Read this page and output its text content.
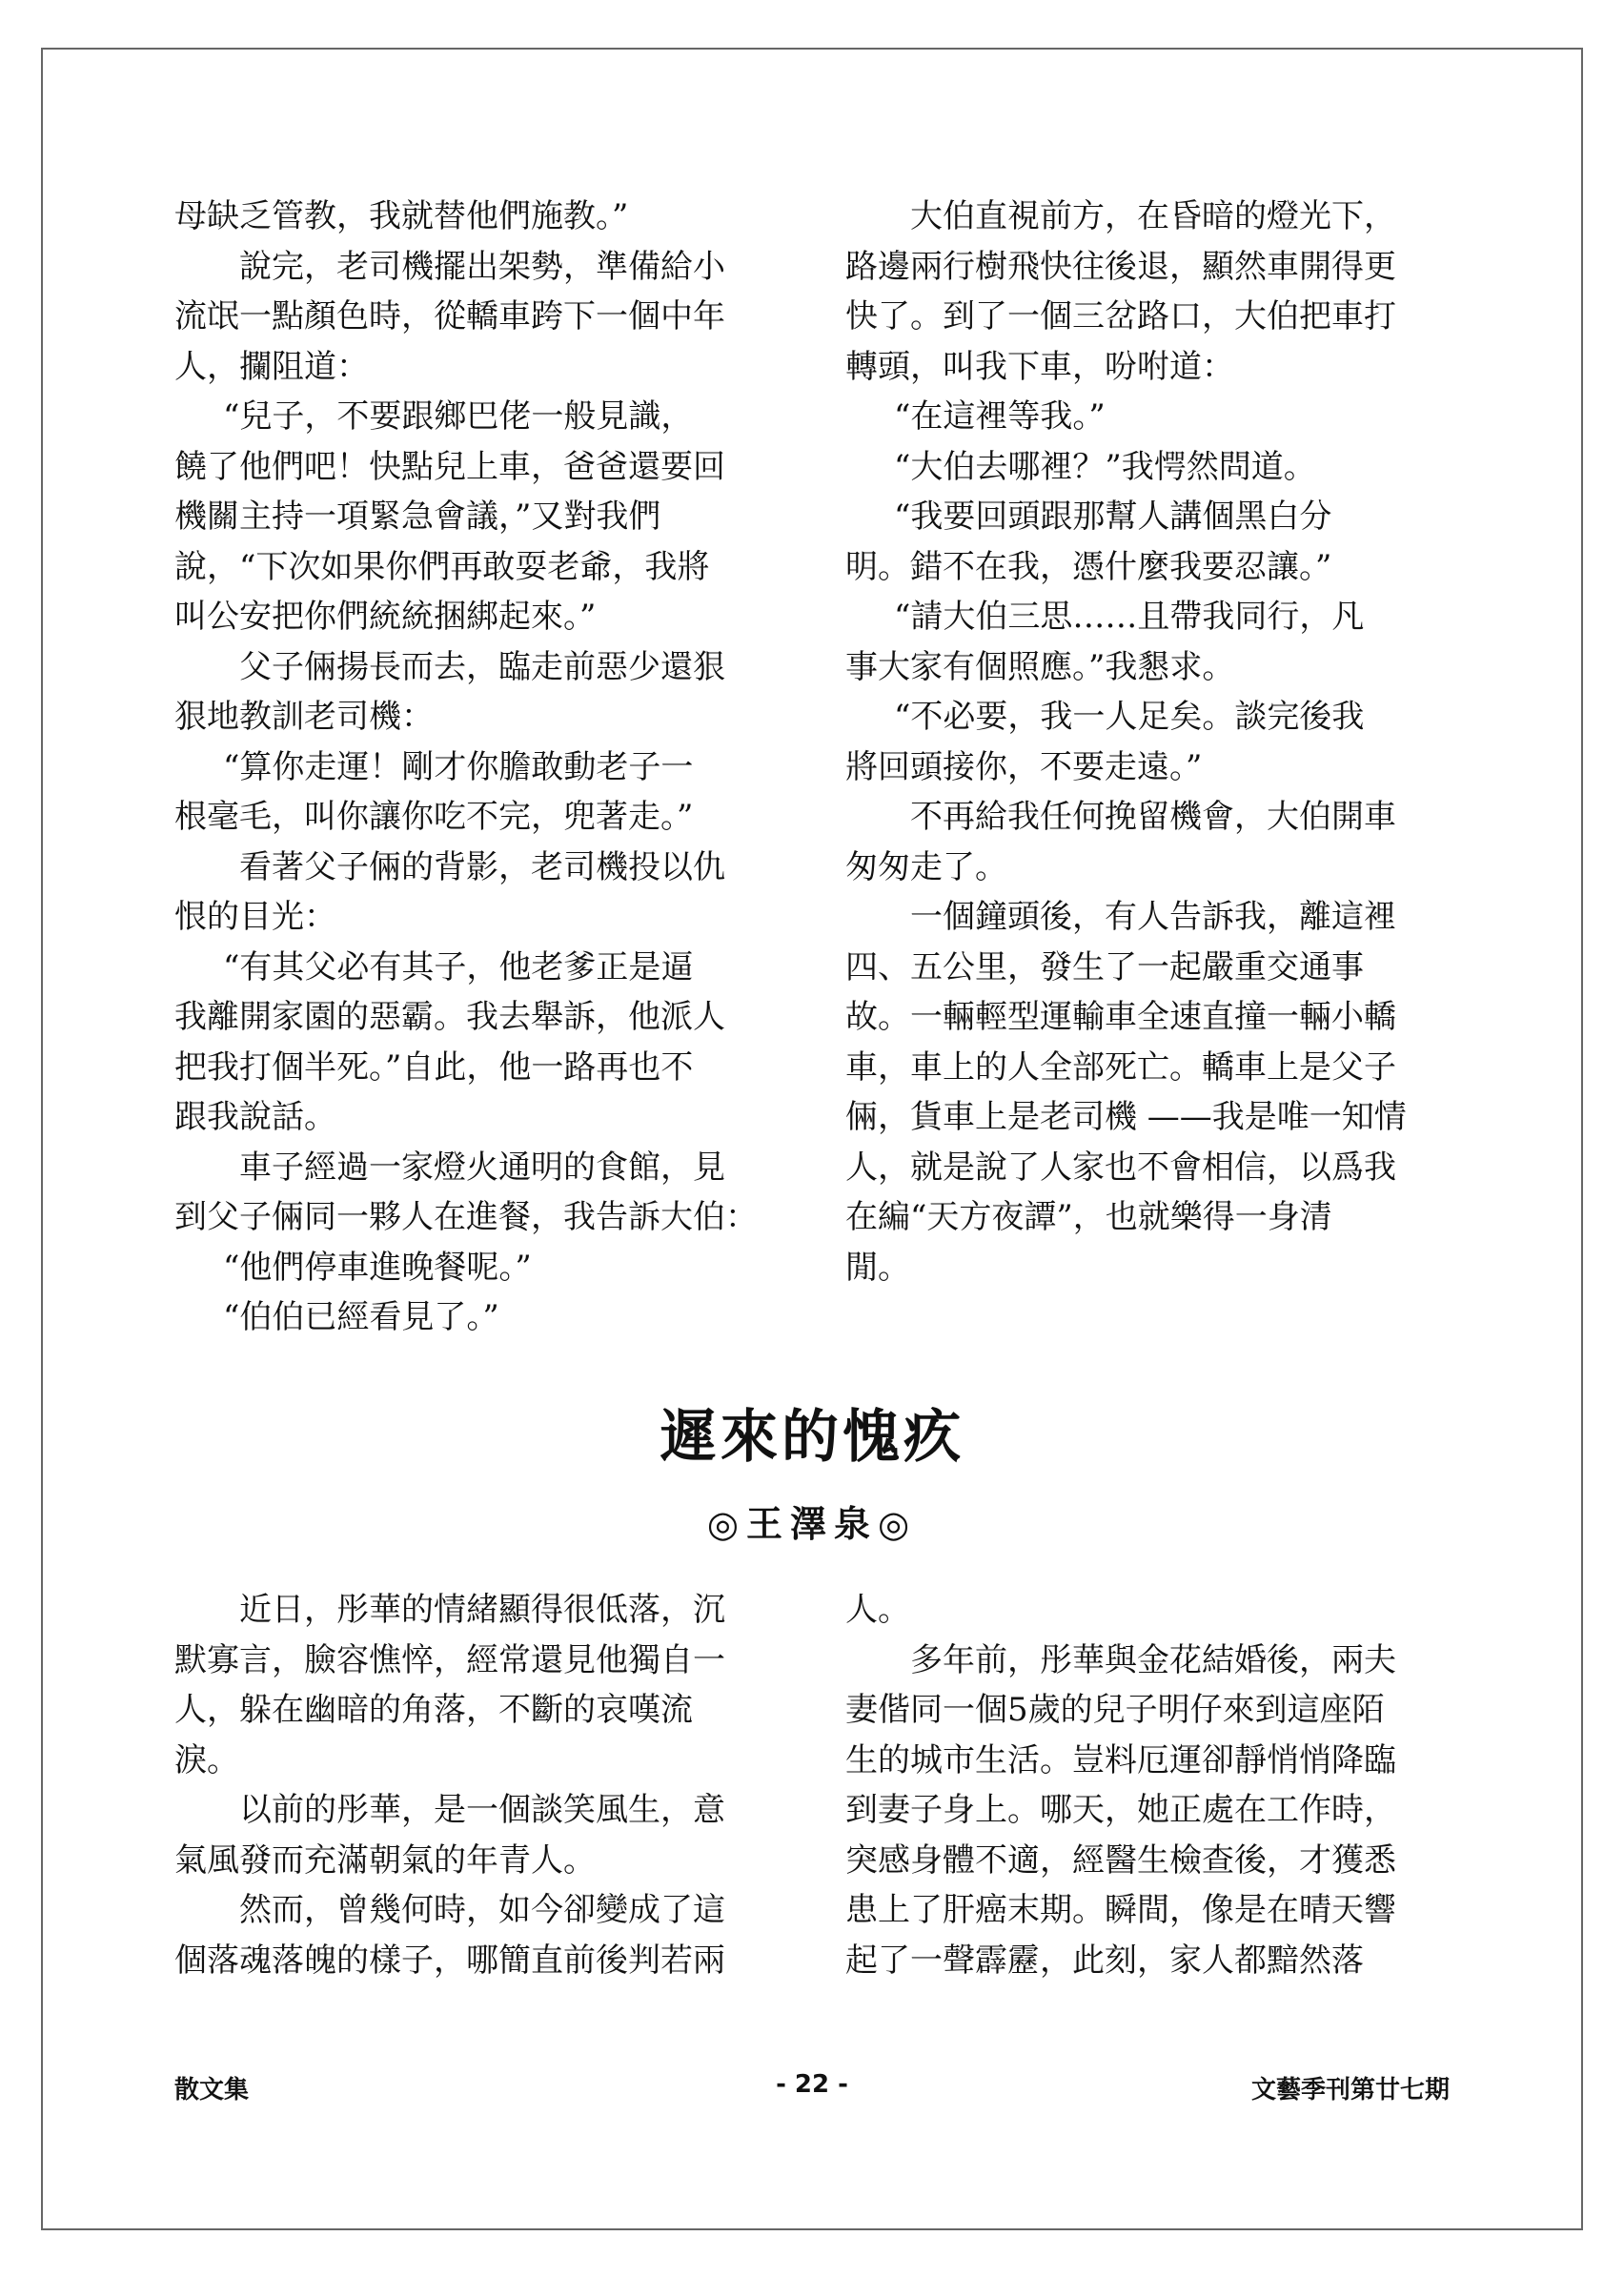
母缺乏管教，我就替他們施教。”

說完，老司機擺出架勢，準備給小

流氓一點顏色時，從轎車跨下一個中年

人，攔阻道：

“兒子，不要跟鄉巴佬一般見識，

饒了他們吧！快點兒上車，爸爸還要回

機關主持一項緊急會議，”又對我們

說，“下次如果你們再敢耍老爺，我將

叫公安把你們統統捆綁起來。”

父子倆揚長而去，臨走前惡少還狠

狠地教訓老司機：

“算你走運！剛才你膽敢動老子一

根毫毛，叫你讓你吃不完，兜著走。”

看著父子倆的背影，老司機投以仇

恨的目光：

“有其父必有其子，他老爹正是逼

我離開家園的惡霸。我去舉訴，他派人

把我打個半死。”自此，他一路再也不

跟我說話。

車子經過一家燈火通明的食館，見

到父子倆同一夥人在進餐，我告訴大伯：

“他們停車進晚餐呢。”

“伯伯已經看見了。”

大伯直視前方，在昏暗的燈光下，

路邊兩行樹飛快往後退，顯然車開得更

快了。到了一個三岔路口，大伯把車打

轉頭，叫我下車，吩咐道：

“在這裡等我。”

“大伯去哪裡？”我愕然問道。

“我要回頭跟那幫人講個黑白分

明。錯不在我，憑什麼我要忍讓。”

“請大伯三思……且帶我同行，凡

事大家有個照應。”我懇求。

“不必要，我一人足矣。談完後我

將回頭接你，不要走遠。”

不再給我任何挽留機會，大伯開車

匆匆走了。

一個鐘頭後，有人告訴我，離這裡

四、五公里，發生了一起嚴重交通事

故。一輛輕型運輸車全速直撞一輛小轎

車，車上的人全部死亡。轎車上是父子

倆，貨車上是老司機 ——我是唯一知情

人，就是說了人家也不會相信，以爲我

在編“天方夜譚”，也就樂得一身清

閒。

遲來的愧疚
◎王澤泉◎

近日，彤華的情緒顯得很低落，沉

默寡言，臉容憔悴，經常還見他獨自一

人，躲在幽暗的角落，不斷的哀嘆流

淚。

以前的彤華，是一個談笑風生，意

氣風發而充滿朝氣的年青人。

然而，曾幾何時，如今卻變成了這

個落魂落魄的樣子，哪簡直前後判若兩

人。

多年前，彤華與金花結婚後，兩夫

妻偕同一個5歲的兒子明仔來到這座陌

生的城市生活。豈料厄運卻靜悄悄降臨

到妻子身上。哪天，她正處在工作時，

突感身體不適，經醫生檢查後，才獲悉

患上了肝癌末期。瞬間，像是在晴天響

起了一聲霹靂，此刻，家人都黯然落

散文集	- 22 -	文藝季刊第廿七期
